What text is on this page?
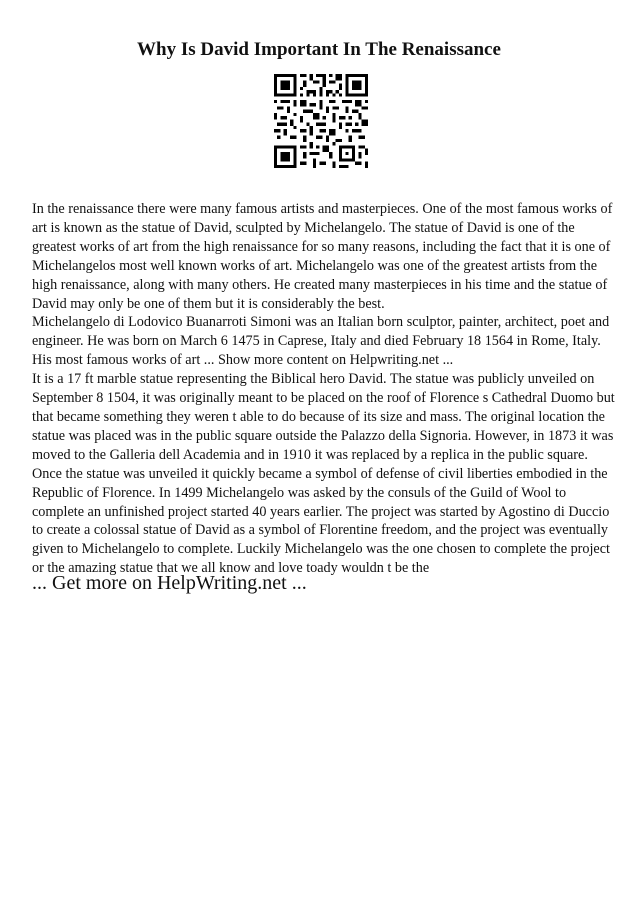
Why Is David Important In The Renaissance

In the renaissance there were many famous artists and masterpieces. One of the most famous works of art is known as the statue of David, sculpted by Michelangelo. The statue of David is one of the greatest works of art from the high renaissance for so many reasons, including the fact that it is one of Michelangelos most well known works of art. Michelangelo was one of the greatest artists from the high renaissance, along with many others. He created many masterpieces in his time and the statue of David may only be one of them but it is considerably the best.

Michelangelo di Lodovico Buanarroti Simoni was an Italian born sculptor, painter, architect, poet and engineer. He was born on March 6 1475 in Caprese, Italy and died February 18 1564 in Rome, Italy. His most famous works of art ... Show more content on Helpwriting.net ...

It is a 17 ft marble statue representing the Biblical hero David. The statue was publicly unveiled on September 8 1504, it was originally meant to be placed on the roof of Florence s Cathedral Duomo but that became something they weren t able to do because of its size and mass. The original location the statue was placed was in the public square outside the Palazzo della Signoria. However, in 1873 it was moved to the Galleria dell Academia and in 1910 it was replaced by a replica in the public square. Once the statue was unveiled it quickly became a symbol of defense of civil liberties embodied in the Republic of Florence. In 1499 Michelangelo was asked by the consuls of the Guild of Wool to complete an unfinished project started 40 years earlier. The project was started by Agostino di Duccio to create a colossal statue of David as a symbol of Florentine freedom, and the project was eventually given to Michelangelo to complete. Luckily Michelangelo was the one chosen to complete the project or the amazing statue that we all know and love toady wouldn t be the

... Get more on HelpWriting.net ...
